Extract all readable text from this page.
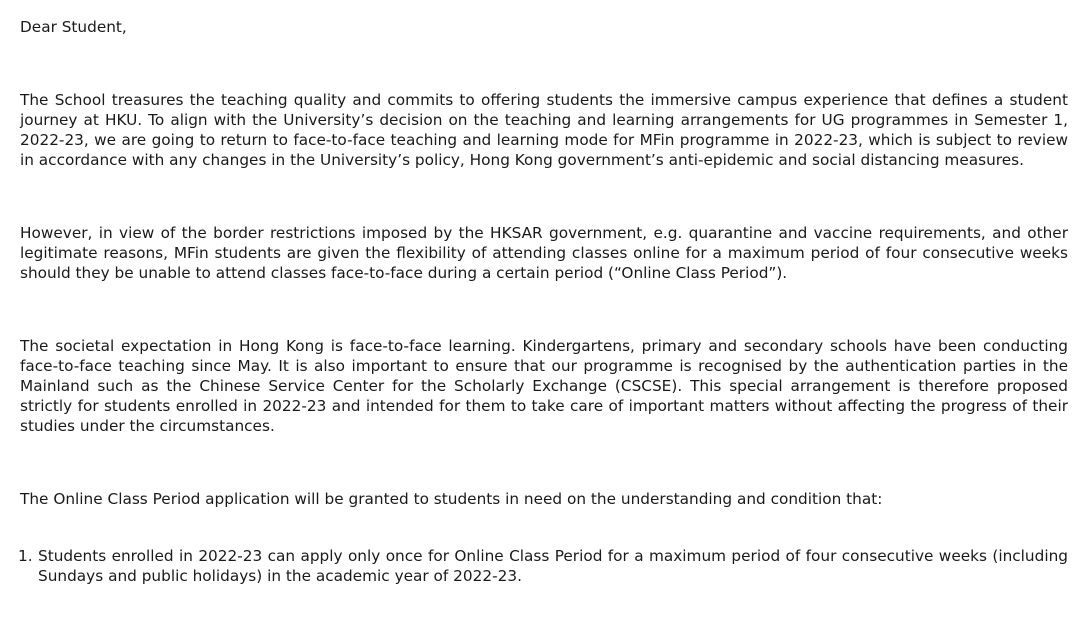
Dear Student,

The School treasures the teaching quality and commits to offering students the immersive campus experience that defines a student journey at HKU. To align with the University’s decision on the teaching and learning arrangements for UG programmes in Semester 1, 2022-23, we are going to return to face-to-face teaching and learning mode for MFin programme in 2022-23, which is subject to review in accordance with any changes in the University’s policy, Hong Kong government’s anti-epidemic and social distancing measures.

However, in view of the border restrictions imposed by the HKSAR government, e.g. quarantine and vaccine requirements, and other legitimate reasons, MFin students are given the flexibility of attending classes online for a maximum period of four consecutive weeks should they be unable to attend classes face-to-face during a certain period (“Online Class Period”).

The societal expectation in Hong Kong is face-to-face learning. Kindergartens, primary and secondary schools have been conducting face-to-face teaching since May. It is also important to ensure that our programme is recognised by the authentication parties in the Mainland such as the Chinese Service Center for the Scholarly Exchange (CSCSE). This special arrangement is therefore proposed strictly for students enrolled in 2022-23 and intended for them to take care of important matters without affecting the progress of their studies under the circumstances.

The Online Class Period application will be granted to students in need on the understanding and condition that:

1. Students enrolled in 2022-23 can apply only once for Online Class Period for a maximum period of four consecutive weeks (including Sundays and public holidays) in the academic year of 2022-23.
